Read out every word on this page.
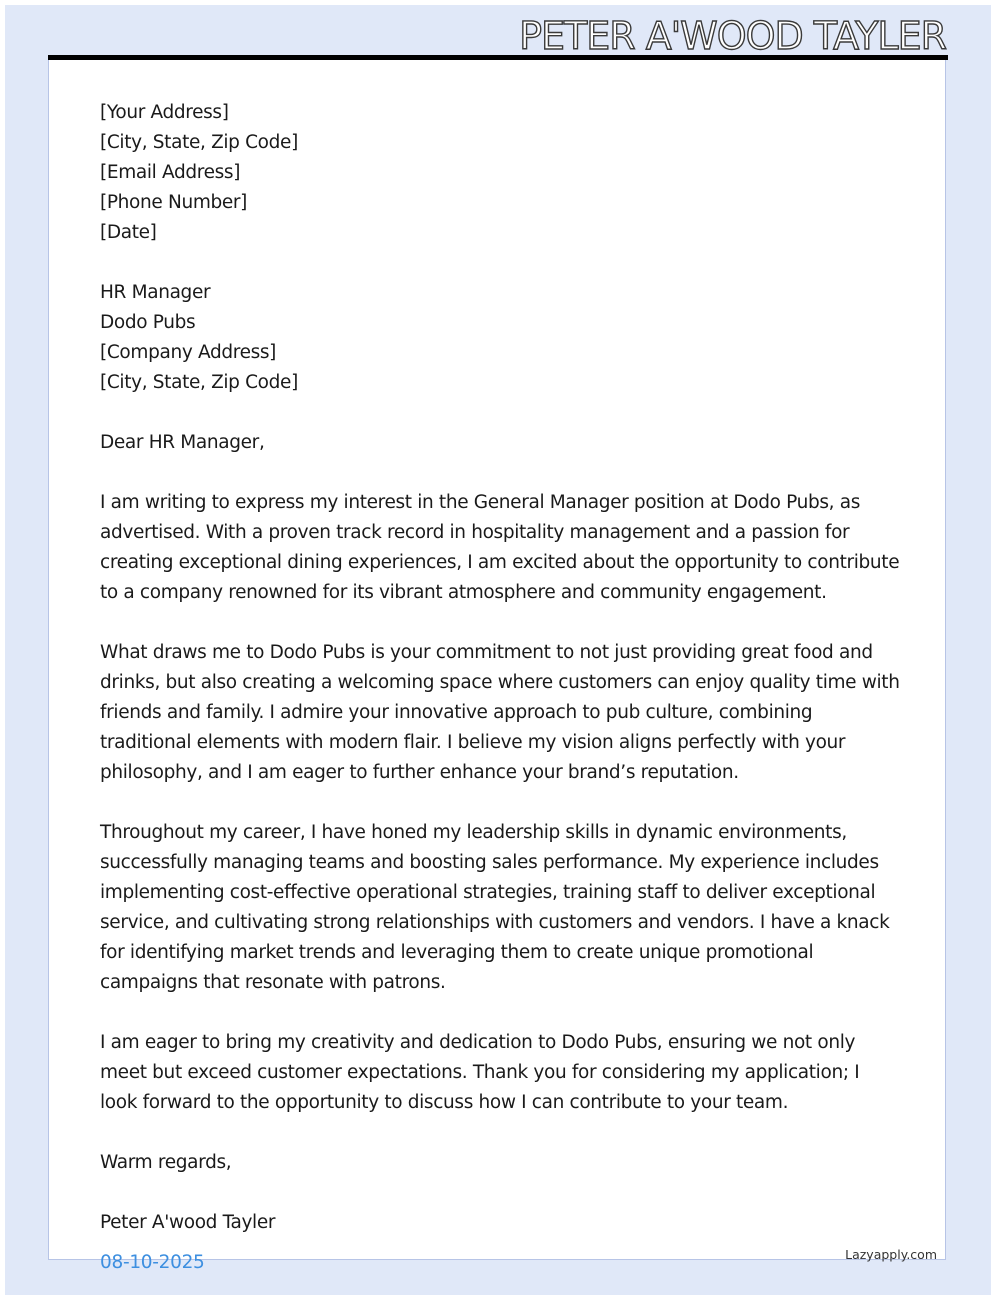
PETER A'WOOD TAYLER
[Your Address]
[City, State, Zip Code]
[Email Address]
[Phone Number]
[Date]
HR Manager
Dodo Pubs
[Company Address]
[City, State, Zip Code]

Dear HR Manager,

I am writing to express my interest in the General Manager position at Dodo Pubs, as advertised. With a proven track record in hospitality management and a passion for creating exceptional dining experiences, I am excited about the opportunity to contribute to a company renowned for its vibrant atmosphere and community engagement.

What draws me to Dodo Pubs is your commitment to not just providing great food and drinks, but also creating a welcoming space where customers can enjoy quality time with friends and family. I admire your innovative approach to pub culture, combining traditional elements with modern flair. I believe my vision aligns perfectly with your philosophy, and I am eager to further enhance your brand’s reputation.

Throughout my career, I have honed my leadership skills in dynamic environments, successfully managing teams and boosting sales performance. My experience includes implementing cost-effective operational strategies, training staff to deliver exceptional service, and cultivating strong relationships with customers and vendors. I have a knack for identifying market trends and leveraging them to create unique promotional campaigns that resonate with patrons.

I am eager to bring my creativity and dedication to Dodo Pubs, ensuring we not only meet but exceed customer expectations. Thank you for considering my application; I look forward to the opportunity to discuss how I can contribute to your team.

Warm regards,

Peter A'wood Tayler

08-10-2025	Lazyapply.com
